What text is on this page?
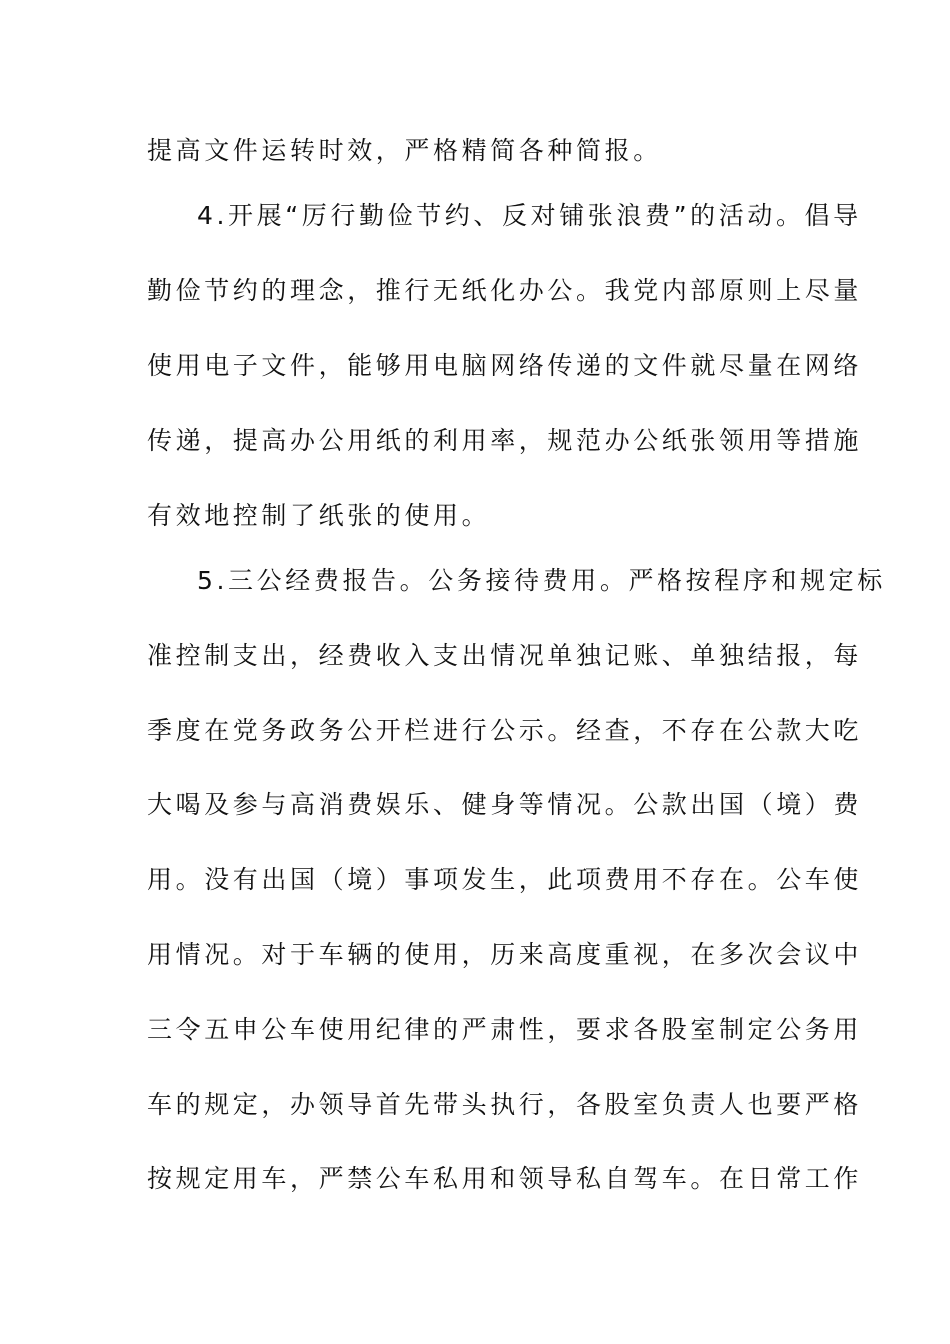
提高文件运转时效，严格精简各种简报。
4.开展“厉行勤俭节约、反对铺张浪费”的活动。倡导
勤俭节约的理念，推行无纸化办公。我党内部原则上尽量
使用电子文件，能够用电脑网络传递的文件就尽量在网络
传递，提高办公用纸的利用率，规范办公纸张领用等措施
有效地控制了纸张的使用。
5.三公经费报告。公务接待费用。严格按程序和规定标
准控制支出，经费收入支出情况单独记账、单独结报，每
季度在党务政务公开栏进行公示。经查，不存在公款大吃
大喝及参与高消费娱乐、健身等情况。公款出国（境）费
用。没有出国（境）事项发生，此项费用不存在。公车使
用情况。对于车辆的使用，历来高度重视，在多次会议中
三令五申公车使用纪律的严肃性，要求各股室制定公务用
车的规定，办领导首先带头执行，各股室负责人也要严格
按规定用车，严禁公车私用和领导私自驾车。在日常工作
